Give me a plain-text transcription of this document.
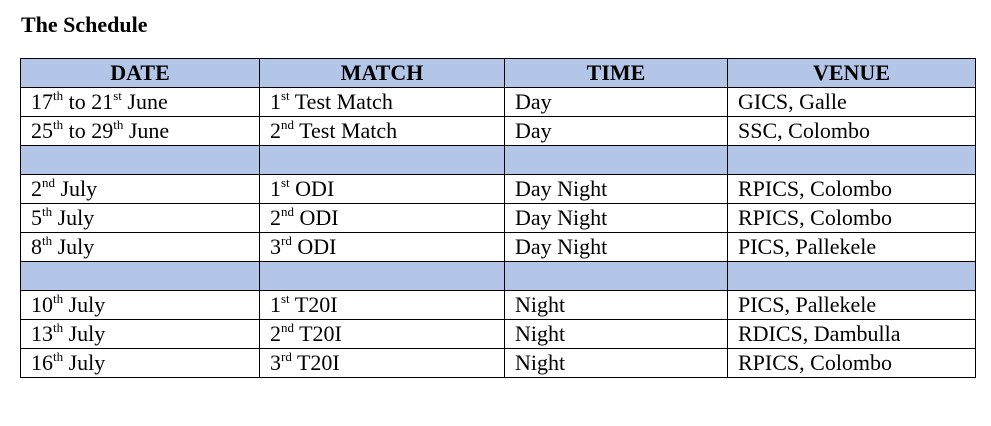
The Schedule
DATE	MATCH	TIME	VENUE
17th to 21st June	1st Test Match	Day	GICS, Galle
25th to 29th June	2nd Test Match	Day	SSC, Colombo

2nd July	1st ODI	Day Night	RPICS, Colombo
5th July	2nd ODI	Day Night	RPICS, Colombo
8th July	3rd ODI	Day Night	PICS, Pallekele

10th July	1st T20I	Night	PICS, Pallekele
13th July	2nd T20I	Night	RDICS, Dambulla
16th July	3rd T20I	Night	RPICS, Colombo
